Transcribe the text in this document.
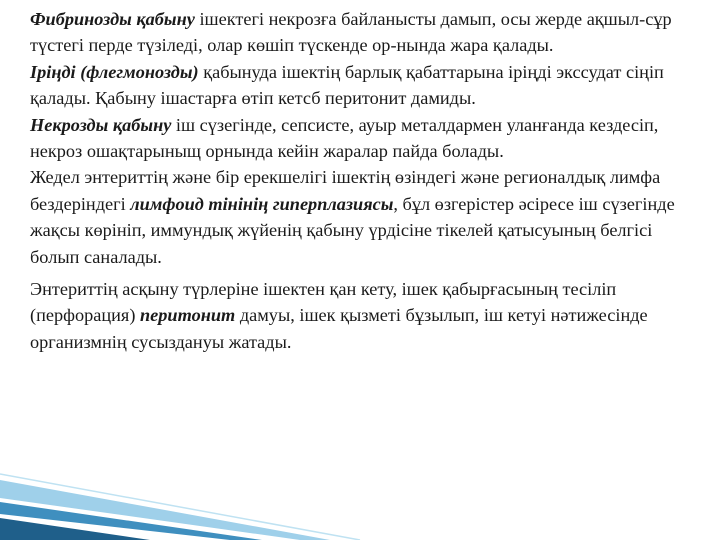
Фибринозды қабыну ішектегі некрозға байланысты дамып, осы жерде ақшыл-сұр түстегі перде түзіледі, олар көшіп түскенде ор-нында жара қалады.

Іріңді (флегмонозды) қабынуда ішектің барлық қабаттарына іріңді экссудат сіңіп қалады. Қабыну ішастарға өтіп кетсб перитонит дамиды.

Некрозды қабыну іш сүзегінде, сепсисте, ауыр металдармен уланғанда кездесіп, некроз ошақтарыныщ орнында кейін жаралар пайда болады.

Жедел энтериттің және бір ерекшелігі ішектің өзіндегі және регионалдық лимфа бездеріндегі лимфоид тінінің гиперплазиясы, бұл өзгерістер әсіресе іш сүзегінде жақсы көрініп, иммундық жүйенің қабыну үрдісіне тікелей қатысуының белгісі болып саналады.

Энтериттің асқыну түрлеріне ішектен қан кету, ішек қабырғасының тесіліп (перфорация) перитонит дамуы, ішек қызметі бұзылып, іш кетуі нәтижесінде организмнің сусыздануы жатады.
